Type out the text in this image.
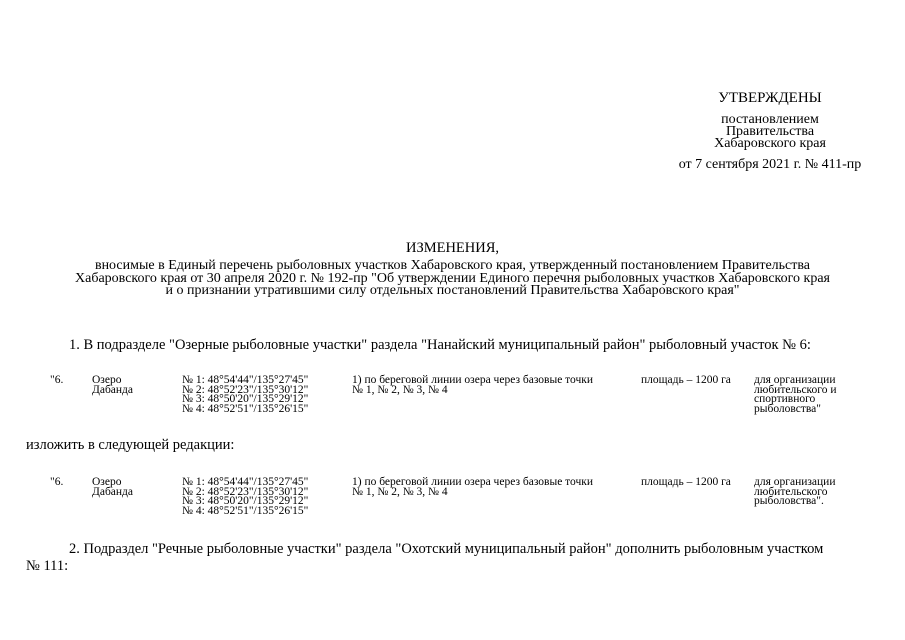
УТВЕРЖДЕНЫ
постановлением
Правительства
Хабаровского края
от 7 сентября 2021 г. № 411-пр
ИЗМЕНЕНИЯ,
вносимые в Единый перечень рыболовных участков Хабаровского края, утвержденный постановлением Правительства
Хабаровского края от 30 апреля 2020 г. № 192-пр "Об утверждении Единого перечня рыболовных участков Хабаровского края
и о признании утратившими силу отдельных постановлений Правительства Хабаровского края"
1. В подразделе "Озерные рыболовные участки" раздела "Нанайский муниципальный район" рыболовный участок № 6:
"6. Озеро
Дабанда
№ 1: 48°54'44"/135°27'45"
№ 2: 48°52'23"/135°30'12"
№ 3: 48°50'20"/135°29'12"
№ 4: 48°52'51"/135°26'15"
1) по береговой линии озера через базовые точки
№ 1, № 2, № 3, № 4
площадь – 1200 га для организации
любительского и
спортивного
рыболовства"
изложить в следующей редакции:
"6. Озеро
Дабанда
№ 1: 48°54'44"/135°27'45"
№ 2: 48°52'23"/135°30'12"
№ 3: 48°50'20"/135°29'12"
№ 4: 48°52'51"/135°26'15"
1) по береговой линии озера через базовые точки
№ 1, № 2, № 3, № 4
площадь – 1200 га для организации
любительского
рыболовства".
2. Подраздел "Речные рыболовные участки" раздела "Охотский муниципальный район" дополнить рыболовным участком
№ 111:
